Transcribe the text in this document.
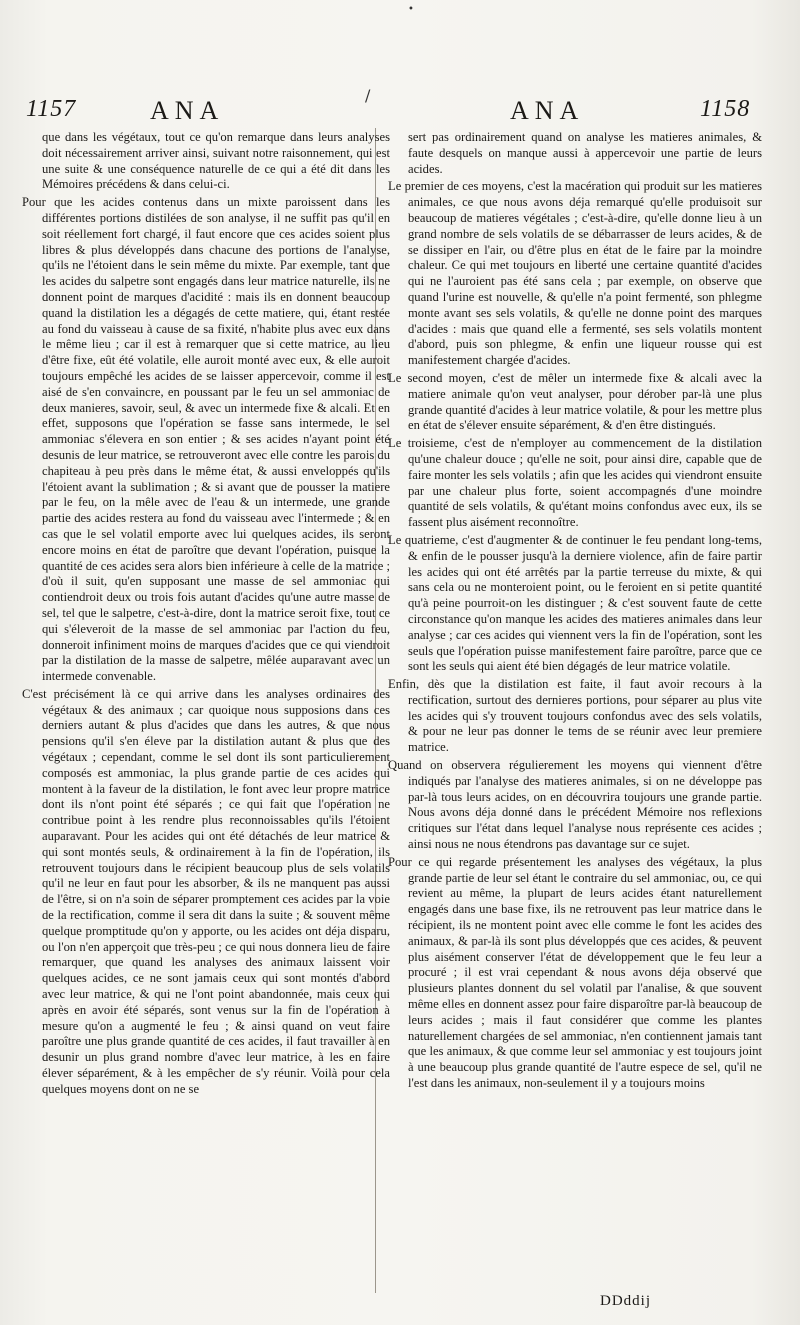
1157	ANA	ANA	1158

que dans les végétaux, tout ce qu'on remarque dans leurs analyses doit nécessairement arriver ainsi, suivant notre raisonnement, qui est une suite & une conséquence naturelle de ce qui a été dit dans les Mémoires précédens & dans celui-ci.

Pour que les acides contenus dans un mixte paroissent dans les différentes portions distilées de son analyse, il ne suffit pas qu'il en soit réellement fort chargé, il faut encore que ces acides soient plus libres & plus développés dans chacune des portions de l'analyse, qu'ils ne l'étoient dans le sein même du mixte. Par exemple, tant que les acides du salpetre sont engagés dans leur matrice naturelle, ils ne donnent point de marques d'acidité : mais ils en donnent beaucoup quand la distilation les a dégagés de cette matiere, qui, étant restée au fond du vaisseau à cause de sa fixité, n'habite plus avec eux dans le même lieu ; car il est à remarquer que si cette matrice, au lieu d'être fixe, eût été volatile, elle auroit monté avec eux, & elle auroit toujours empêché les acides de se laisser appercevoir, comme il est aisé de s'en convaincre, en poussant par le feu un sel ammoniac de deux manieres, savoir, seul, & avec un intermede fixe & alcali. Et en effet, supposons que l'opération se fasse sans intermede, le sel ammoniac s'élevera en son entier ; & ses acides n'ayant point été desunis de leur matrice, se retrouveront avec elle contre les parois du chapiteau à peu près dans le même état, & aussi enveloppés qu'ils l'étoient avant la sublimation ; & si avant que de pousser la matiere par le feu, on la mêle avec de l'eau & un intermede, une grande partie des acides restera au fond du vaisseau avec l'intermede ; & en cas que le sel volatil emporte avec lui quelques acides, ils seront encore moins en état de paroître que devant l'opération, puisque la quantité de ces acides sera alors bien inférieure à celle de la matrice ; d'où il suit, qu'en supposant une masse de sel ammoniac qui contiendroit deux ou trois fois autant d'acides qu'une autre masse de sel, tel que le salpetre, c'est-à-dire, dont la matrice seroit fixe, tout ce qui s'éleveroit de la masse de sel ammoniac par l'action du feu, donneroit infiniment moins de marques d'acides que ce qui viendroit par la distilation de la masse de salpetre, mêlée auparavant avec un intermede convenable.

C'est précisément là ce qui arrive dans les analyses ordinaires des végétaux & des animaux ; car quoique nous supposions dans ces derniers autant & plus d'acides que dans les autres, & que nous pensions qu'il s'en éleve par la distilation autant & plus que des végétaux ; cependant, comme le sel dont ils sont particulierement composés est ammoniac, la plus grande partie de ces acides qui montent à la faveur de la distilation, le font avec leur propre matrice dont ils n'ont point été séparés ; ce qui fait que l'opération ne contribue point à les rendre plus reconnoissables qu'ils l'étoient auparavant. Pour les acides qui ont été détachés de leur matrice & qui sont montés seuls, & ordinairement à la fin de l'opération, ils retrouvent toujours dans le récipient beaucoup plus de sels volatils qu'il ne leur en faut pour les absorber, & ils ne manquent pas aussi de l'être, si on n'a soin de séparer promptement ces acides par la voie de la rectification, comme il sera dit dans la suite ; & souvent même quelque promptitude qu'on y apporte, ou les acides ont déja disparu, ou l'on n'en apperçoit que très-peu ; ce qui nous donnera lieu de faire remarquer, que quand les analyses des animaux laissent voir quelques acides, ce ne sont jamais ceux qui sont montés d'abord avec leur matrice, & qui ne l'ont point abandonnée, mais ceux qui après en avoir été séparés, sont venus sur la fin de l'opération à mesure qu'on a augmenté le feu ; & ainsi quand on veut faire paroître une plus grande quantité de ces acides, il faut travailler à en desunir un plus grand nombre d'avec leur matrice, à les en faire élever séparément, & à les empêcher de s'y réunir. Voilà pour cela quelques moyens dont on ne se

sert pas ordinairement quand on analyse les matieres animales, & faute desquels on manque aussi à appercevoir une partie de leurs acides.

Le premier de ces moyens, c'est la macération qui produit sur les matieres animales, ce que nous avons déja remarqué qu'elle produisoit sur beaucoup de matieres végétales ; c'est-à-dire, qu'elle donne lieu à un grand nombre de sels volatils de se débarrasser de leurs acides, & de se dissiper en l'air, ou d'être plus en état de le faire par la moindre chaleur. Ce qui met toujours en liberté une certaine quantité d'acides qui ne l'auroient pas été sans cela ; par exemple, on observe que quand l'urine est nouvelle, & qu'elle n'a point fermenté, son phlegme monte avant ses sels volatils, & qu'elle ne donne point des marques d'acides : mais que quand elle a fermenté, ses sels volatils montent d'abord, puis son phlegme, & enfin une liqueur rousse qui est manifestement chargée d'acides.

Le second moyen, c'est de mêler un intermede fixe & alcali avec la matiere animale qu'on veut analyser, pour dérober par-là une plus grande quantité d'acides à leur matrice volatile, & pour les mettre plus en état de s'élever ensuite séparément, & d'en être distingués.

Le troisieme, c'est de n'employer au commencement de la distilation qu'une chaleur douce ; qu'elle ne soit, pour ainsi dire, capable que de faire monter les sels volatils ; afin que les acides qui viendront ensuite par une chaleur plus forte, soient accompagnés d'une moindre quantité de sels volatils, & qu'étant moins confondus avec eux, ils se fassent plus aisément reconnoître.

Le quatrieme, c'est d'augmenter & de continuer le feu pendant long-tems, & enfin de le pousser jusqu'à la derniere violence, afin de faire partir les acides qui ont été arrêtés par la partie terreuse du mixte, & qui sans cela ou ne monteroient point, ou le feroient en si petite quantité qu'à peine pourroit-on les distinguer ; & c'est souvent faute de cette circonstance qu'on manque les acides des matieres animales dans leur analyse ; car ces acides qui viennent vers la fin de l'opération, sont les seuls que l'opération puisse manifestement faire paroître, parce que ce sont les seuls qui aient été bien dégagés de leur matrice volatile.

Enfin, dès que la distilation est faite, il faut avoir recours à la rectification, surtout des dernieres portions, pour séparer au plus vite les acides qui s'y trouvent toujours confondus avec des sels volatils, & pour ne leur pas donner le tems de se réunir avec leur premiere matrice.

Quand on observera régulierement les moyens qui viennent d'être indiqués par l'analyse des matieres animales, si on ne développe pas par-là tous leurs acides, on en découvrira toujours une grande partie. Nous avons déja donné dans le précédent Mémoire nos reflexions critiques sur l'état dans lequel l'analyse nous représente ces acides ; ainsi nous ne nous étendrons pas davantage sur ce sujet.

Pour ce qui regarde présentement les analyses des végétaux, la plus grande partie de leur sel étant le contraire du sel ammoniac, ou, ce qui revient au même, la plupart de leurs acides étant naturellement engagés dans une base fixe, ils ne retrouvent pas leur matrice dans le récipient, ils ne montent point avec elle comme le font les acides des animaux, & par-là ils sont plus développés que ces acides, & peuvent plus aisément conserver l'état de développement que le feu leur a procuré ; il est vrai cependant & nous avons déja observé que plusieurs plantes donnent du sel volatil par l'analise, & que souvent même elles en donnent assez pour faire disparoître par-là beaucoup de leurs acides ; mais il faut considérer que comme les plantes naturellement chargées de sel ammoniac, n'en contiennent jamais tant que les animaux, & que comme leur sel ammoniac y est toujours joint à une beaucoup plus grande quantité de l'autre espece de sel, qu'il ne l'est dans les animaux, non-seulement il y a toujours moins

DDddij
•
/
